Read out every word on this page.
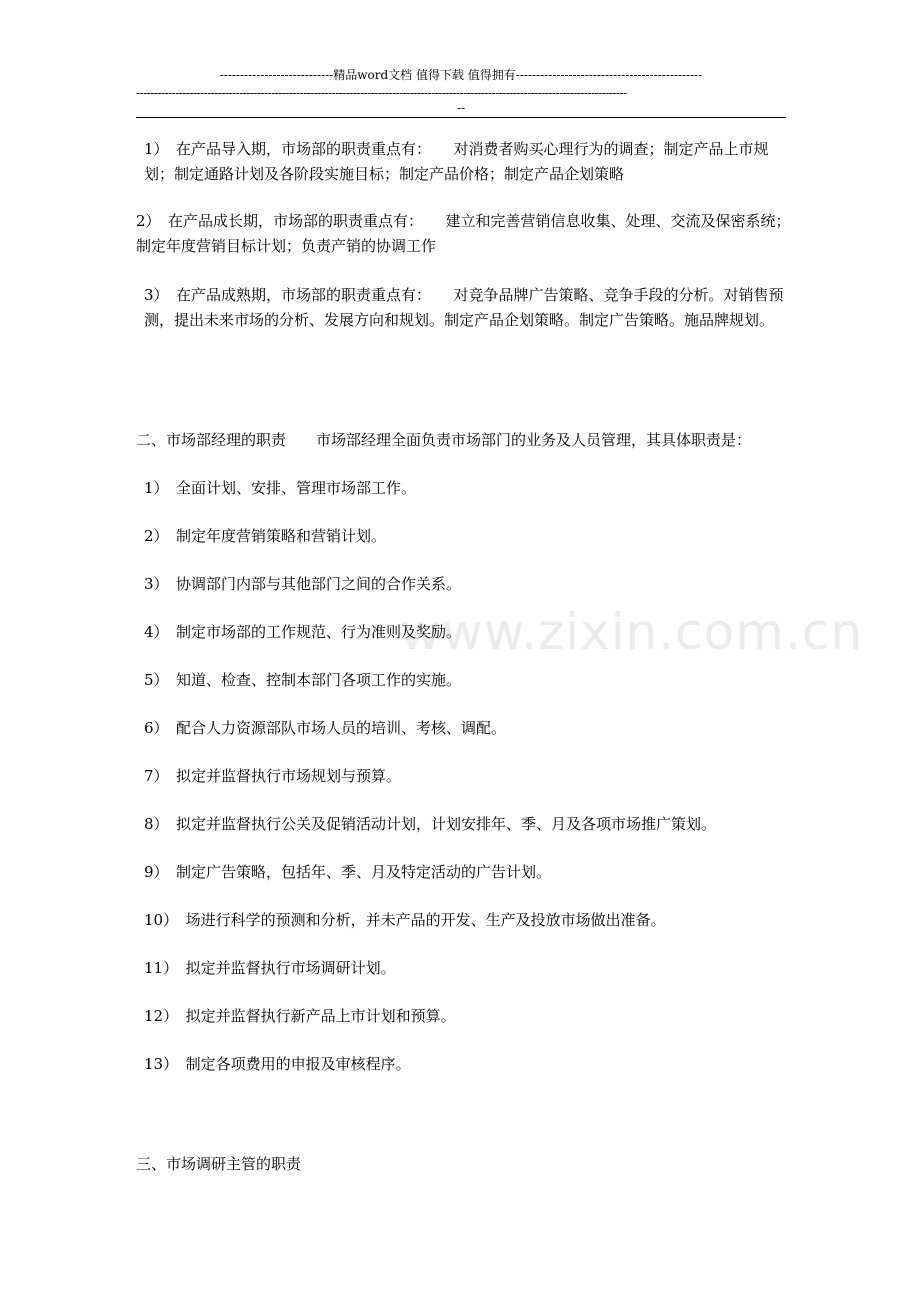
----------------------------精品word文档 值得下载 值得拥有----------------------------------------------
------------------------------------------------------------------------------------------------------------------------------------------
--
www.zixin.com.cn

1）　在产品导入期，市场部的职责重点有：　　对消费者购买心理行为的调查；制定产品上市规划；制定通路计划及各阶段实施目标；制定产品价格；制定产品企划策略

2）　在产品成长期，市场部的职责重点有：　　建立和完善营销信息收集、处理、交流及保密系统；制定年度营销目标计划；负责产销的协调工作

3）　在产品成熟期，市场部的职责重点有：　　对竞争品牌广告策略、竞争手段的分析。对销售预测，提出未来市场的分析、发展方向和规划。制定产品企划策略。制定广告策略。施品牌规划。

二、市场部经理的职责　　市场部经理全面负责市场部门的业务及人员管理，其具体职责是：

1）　全面计划、安排、管理市场部工作。

2）　制定年度营销策略和营销计划。

3）　协调部门内部与其他部门之间的合作关系。

4）　制定市场部的工作规范、行为准则及奖励。

5）　知道、检查、控制本部门各项工作的实施。

6）　配合人力资源部队市场人员的培训、考核、调配。

7）　拟定并监督执行市场规划与预算。

8）　拟定并监督执行公关及促销活动计划，计划安排年、季、月及各项市场推广策划。

9）　制定广告策略，包括年、季、月及特定活动的广告计划。

10）　场进行科学的预测和分析，并未产品的开发、生产及投放市场做出准备。

11）　拟定并监督执行市场调研计划。

12）　拟定并监督执行新产品上市计划和预算。

13）　制定各项费用的申报及审核程序。

三、市场调研主管的职责
